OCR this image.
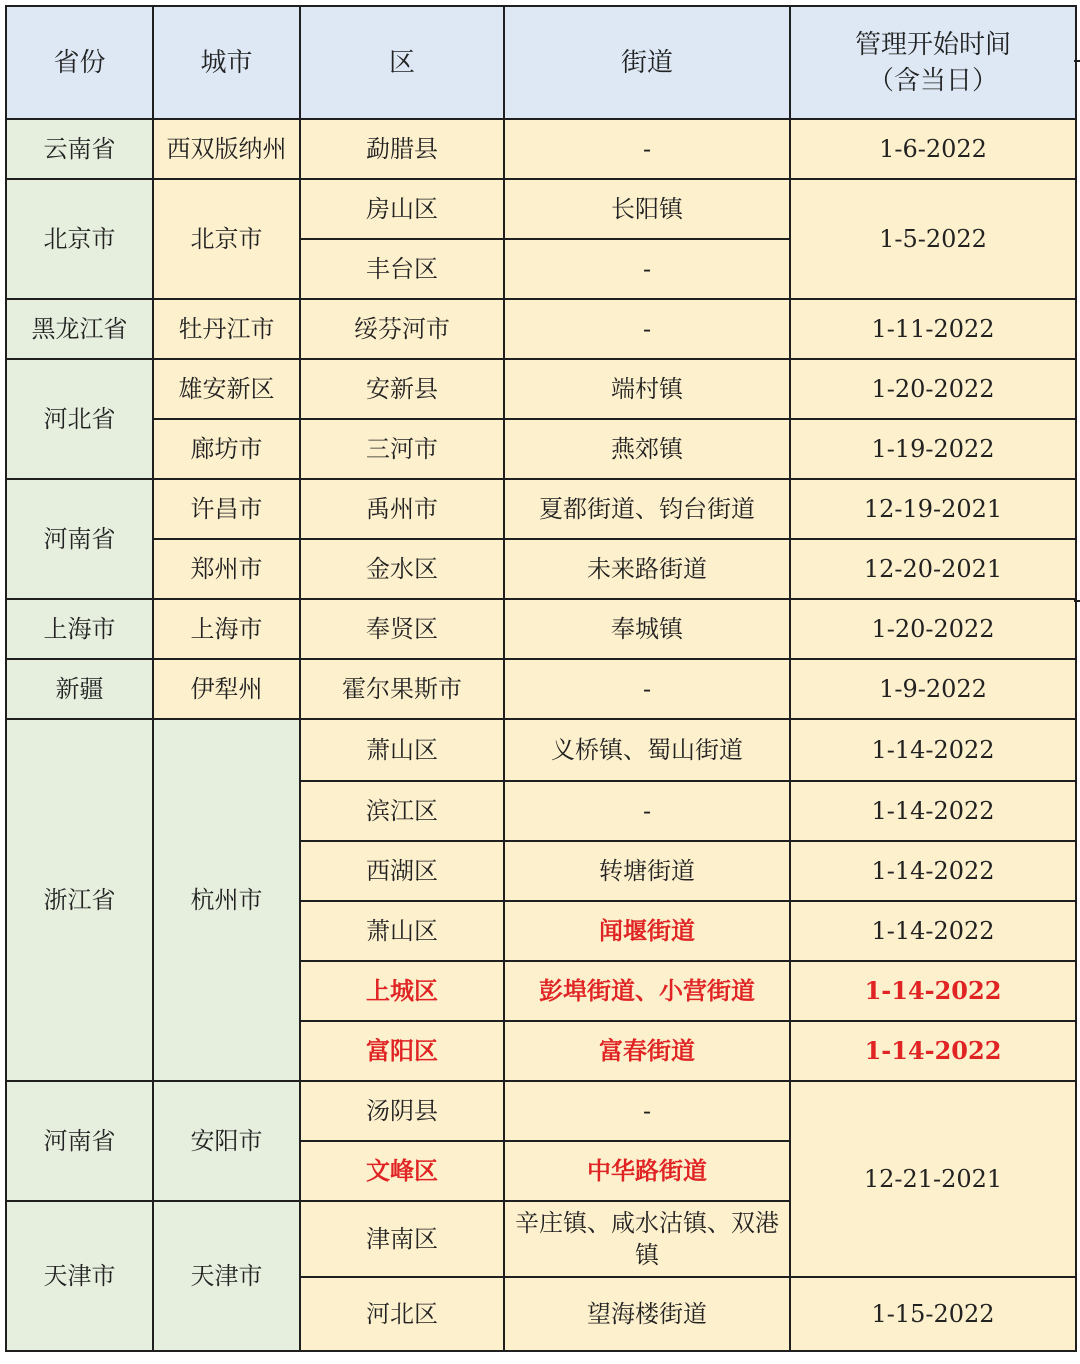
省份	城市	区	街道	管理开始时间
（含当日）
云南省	西双版纳州	勐腊县	-	1-6-2022
北京市	北京市	房山区	长阳镇	1-5-2022
		丰台区	-	
黑龙江省	牡丹江市	绥芬河市	-	1-11-2022
河北省	雄安新区	安新县	端村镇	1-20-2022
	廊坊市	三河市	燕郊镇	1-19-2022
河南省	许昌市	禹州市	夏都街道、钧台街道	12-19-2021
	郑州市	金水区	未来路街道	12-20-2021
上海市	上海市	奉贤区	奉城镇	1-20-2022
新疆	伊犁州	霍尔果斯市	-	1-9-2022
浙江省	杭州市	萧山区	义桥镇、蜀山街道	1-14-2022
		滨江区	-	1-14-2022
		西湖区	转塘街道	1-14-2022
		萧山区	闻堰街道	1-14-2022
		上城区	彭埠街道、小营街道	1-14-2022
		富阳区	富春街道	1-14-2022
河南省	安阳市	汤阴县	-	12-21-2021
		文峰区	中华路街道	
天津市	天津市	津南区	辛庄镇、咸水沽镇、双港镇	
		河北区	望海楼街道	1-15-2022
